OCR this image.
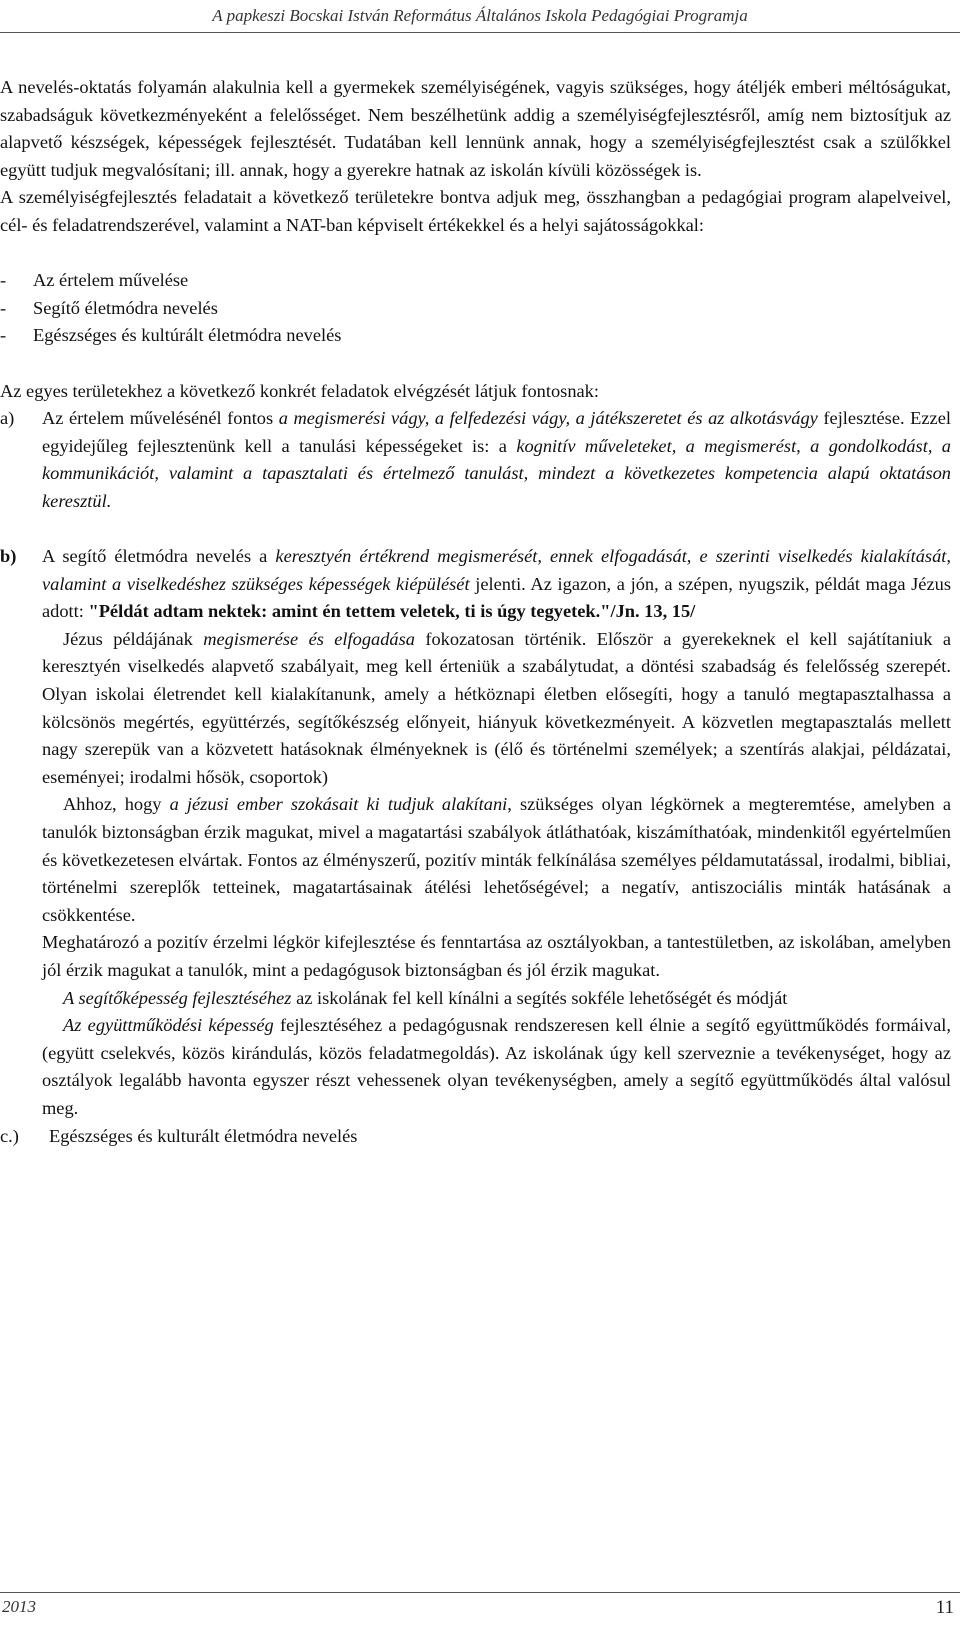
A papkeszi Bocskai István Református Általános Iskola Pedagógiai Programja

A nevelés-oktatás folyamán alakulnia kell a gyermekek személyiségének, vagyis szükséges, hogy átéljék emberi méltóságukat, szabadságuk következményeként a felelősséget. Nem beszélhetünk addig a személyiségfejlesztésről, amíg nem biztosítjuk az alapvető készségek, képességek fejlesztését. Tudatában kell lennünk annak, hogy a személyiségfejlesztést csak a szülőkkel együtt tudjuk megvalósítani; ill. annak, hogy a gyerekre hatnak az iskolán kívüli közösségek is.

A személyiségfejlesztés feladatait a következő területekre bontva adjuk meg, összhangban a pedagógiai program alapelveivel, cél- és feladatrendszerével, valamint a NAT-ban képviselt értékekkel és a helyi sajátosságokkal:

-	Az értelem művelése
-	Segítő életmódra nevelés
-	Egészséges és kultúrált életmódra nevelés

Az egyes területekhez a következő konkrét feladatok elvégzését látjuk fontosnak:

a)	Az értelem művelésénél fontos a megismerési vágy, a felfedezési vágy, a játékszeretet és az alkotásvágy fejlesztése. Ezzel egyidejűleg fejlesztenünk kell a tanulási képességeket is: a kognitív műveleteket, a megismerést, a gondolkodást, a kommunikációt, valamint a tapasztalati és értelmező tanulást, mindezt a következetes kompetencia alapú oktatáson keresztül.
b)	A segítő életmódra nevelés a keresztyén értékrend megismerését, ennek elfogadását, e szerinti viselkedés kialakítását, valamint a viselkedéshez szükséges képességek kiépülését jelenti. Az igazon, a jón, a szépen, nyugszik, példát maga Jézus adott: "Példát adtam nektek: amint én tettem veletek, ti is úgy tegyetek."/Jn. 13, 15/

Jézus példájának megismerése és elfogadása fokozatosan történik. Először a gyerekeknek el kell sajátítaniuk a keresztyén viselkedés alapvető szabályait, meg kell érteniük a szabálytudat, a döntési szabadság és felelősség szerepét. Olyan iskolai életrendet kell kialakítanunk, amely a hétköznapi életben elősegíti, hogy a tanuló megtapasztalhassa a kölcsönös megértés, együttérzés, segítőkészség előnyeit, hiányuk következményeit. A közvetlen megtapasztalás mellett nagy szerepük van a közvetett hatásoknak élményeknek is (élő és történelmi személyek; a szentírás alakjai, példázatai, eseményei; irodalmi hősök, csoportok)

Ahhoz, hogy a jézusi ember szokásait ki tudjuk alakítani, szükséges olyan légkörnek a megteremtése, amelyben a tanulók biztonságban érzik magukat, mivel a magatartási szabályok átláthatóak, kiszámíthatóak, mindenkitől egyértelműen és következetesen elvártak. Fontos az élményszerű, pozitív minták felkínálása személyes példamutatással, irodalmi, bibliai, történelmi szereplők tetteinek, magatartásainak átélési lehetőségével; a negatív, antiszociális minták hatásának a csökkentése.

Meghatározó a pozitív érzelmi légkör kifejlesztése és fenntartása az osztályokban, a tantestületben, az iskolában, amelyben jól érzik magukat a tanulók, mint a pedagógusok biztonságban és jól érzik magukat.

A segítőképesség fejlesztéséhez az iskolának fel kell kínálni a segítés sokféle lehetőségét és módját

Az együttműködési képesség fejlesztéséhez a pedagógusnak rendszeresen kell élnie a segítő együttműködés formáival, (együtt cselekvés, közös kirándulás, közös feladatmegoldás). Az iskolának úgy kell szerveznie a tevékenységet, hogy az osztályok legalább havonta egyszer részt vehessenek olyan tevékenységben, amely a segítő együttműködés által valósul meg.

c.)	Egészséges és kulturált életmódra nevelés
2013	11
